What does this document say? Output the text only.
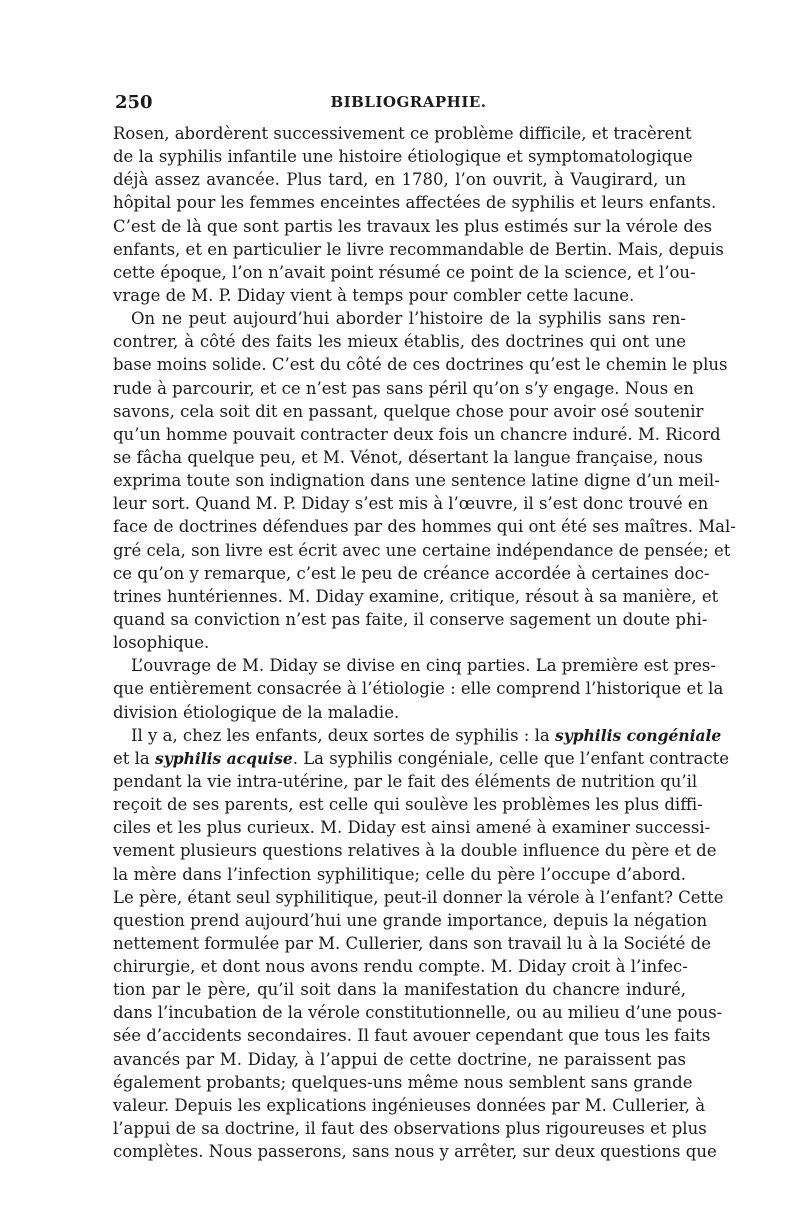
250	BIBLIOGRAPHIE.
Rosen, abordèrent successivement ce problème difficile, et tracèrent
de la syphilis infantile une histoire étiologique et symptomatologique
déjà assez avancée. Plus tard, en 1780, l’on ouvrit, à Vaugirard, un
hôpital pour les femmes enceintes affectées de syphilis et leurs enfants.
C’est de là que sont partis les travaux les plus estimés sur la vérole des
enfants, et en particulier le livre recommandable de Bertin. Mais, depuis
cette époque, l’on n’avait point résumé ce point de la science, et l’ou-
vrage de M. P. Diday vient à temps pour combler cette lacune.
On ne peut aujourd’hui aborder l’histoire de la syphilis sans ren-
contrer, à côté des faits les mieux établis, des doctrines qui ont une
base moins solide. C’est du côté de ces doctrines qu’est le chemin le plus
rude à parcourir, et ce n’est pas sans péril qu’on s’y engage. Nous en
savons, cela soit dit en passant, quelque chose pour avoir osé soutenir
qu’un homme pouvait contracter deux fois un chancre induré. M. Ricord
se fâcha quelque peu, et M. Vénot, désertant la langue française, nous
exprima toute son indignation dans une sentence latine digne d’un meil-
leur sort. Quand M. P. Diday s’est mis à l’œuvre, il s’est donc trouvé en
face de doctrines défendues par des hommes qui ont été ses maîtres. Mal-
gré cela, son livre est écrit avec une certaine indépendance de pensée; et
ce qu’on y remarque, c’est le peu de créance accordée à certaines doc-
trines huntériennes. M. Diday examine, critique, résout à sa manière, et
quand sa conviction n’est pas faite, il conserve sagement un doute phi-
losophique.
L’ouvrage de M. Diday se divise en cinq parties. La première est pres-
que entièrement consacrée à l’étiologie : elle comprend l’historique et la
division étiologique de la maladie.
Il y a, chez les enfants, deux sortes de syphilis : la syphilis congéniale
et la syphilis acquise. La syphilis congéniale, celle que l’enfant contracte
pendant la vie intra-utérine, par le fait des éléments de nutrition qu’il
reçoit de ses parents, est celle qui soulève les problèmes les plus diffi-
ciles et les plus curieux. M. Diday est ainsi amené à examiner successi-
vement plusieurs questions relatives à la double influence du père et de
la mère dans l’infection syphilitique; celle du père l’occupe d’abord.
Le père, étant seul syphilitique, peut-il donner la vérole à l’enfant? Cette
question prend aujourd’hui une grande importance, depuis la négation
nettement formulée par M. Cullerier, dans son travail lu à la Société de
chirurgie, et dont nous avons rendu compte. M. Diday croit à l’infec-
tion par le père, qu’il soit dans la manifestation du chancre induré,
dans l’incubation de la vérole constitutionnelle, ou au milieu d’une pous-
sée d’accidents secondaires. Il faut avouer cependant que tous les faits
avancés par M. Diday, à l’appui de cette doctrine, ne paraissent pas
également probants; quelques-uns même nous semblent sans grande
valeur. Depuis les explications ingénieuses données par M. Cullerier, à
l’appui de sa doctrine, il faut des observations plus rigoureuses et plus
complètes. Nous passerons, sans nous y arrêter, sur deux questions que
